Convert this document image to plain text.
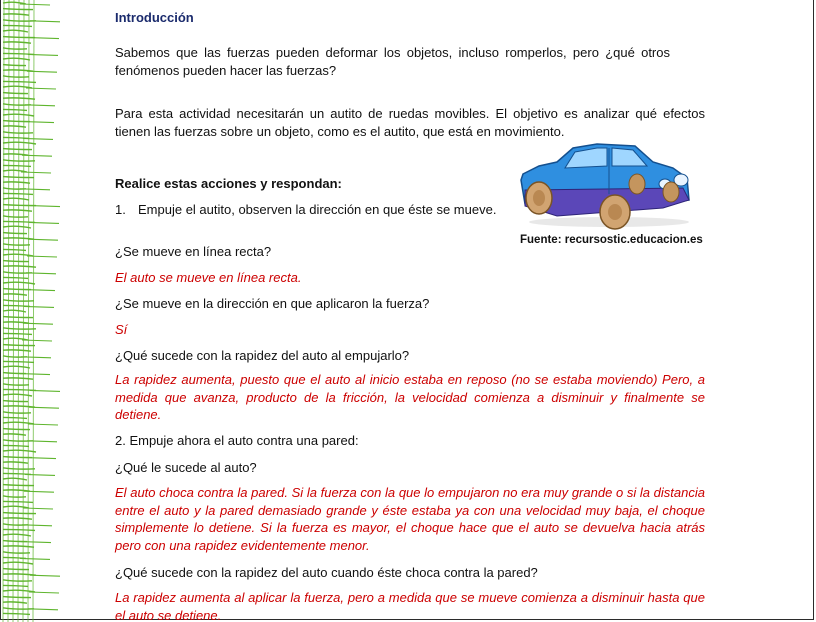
Introducción

Sabemos que las fuerzas pueden deformar los objetos, incluso romperlos, pero ¿qué otros fenómenos pueden hacer las fuerzas?

Para esta actividad necesitarán un autito de ruedas movibles. El objetivo es analizar qué efectos tienen las fuerzas sobre un objeto, como es el autito, que está en movimiento.

Realice estas acciones y respondan:

1. Empuje el autito, observen la dirección en que éste se mueve.

¿Se mueve en línea recta?

El auto se mueve en línea recta.

¿Se mueve en la dirección en que aplicaron la fuerza?

Sí

¿Qué sucede con la rapidez del auto al empujarlo?

La rapidez aumenta, puesto que el auto al inicio estaba en reposo (no se estaba moviendo) Pero, a medida que avanza, producto de la fricción, la velocidad comienza a disminuir y finalmente se detiene.

2. Empuje ahora el auto contra una pared:

¿Qué le sucede al auto?

El auto choca contra la pared. Si la fuerza con la que lo empujaron no era muy grande o si la distancia entre el auto y la pared demasiado grande y éste estaba ya con una velocidad muy baja, el choque simplemente lo detiene. Si la fuerza es mayor, el choque hace que el auto se devuelva hacia atrás pero con una rapidez evidentemente menor.

¿Qué sucede con la rapidez del auto cuando éste choca contra la pared?

La rapidez aumenta al aplicar la fuerza, pero a medida que se mueve comienza a disminuir hasta que el auto se detiene.

Fuente: recursostic.educacion.es
